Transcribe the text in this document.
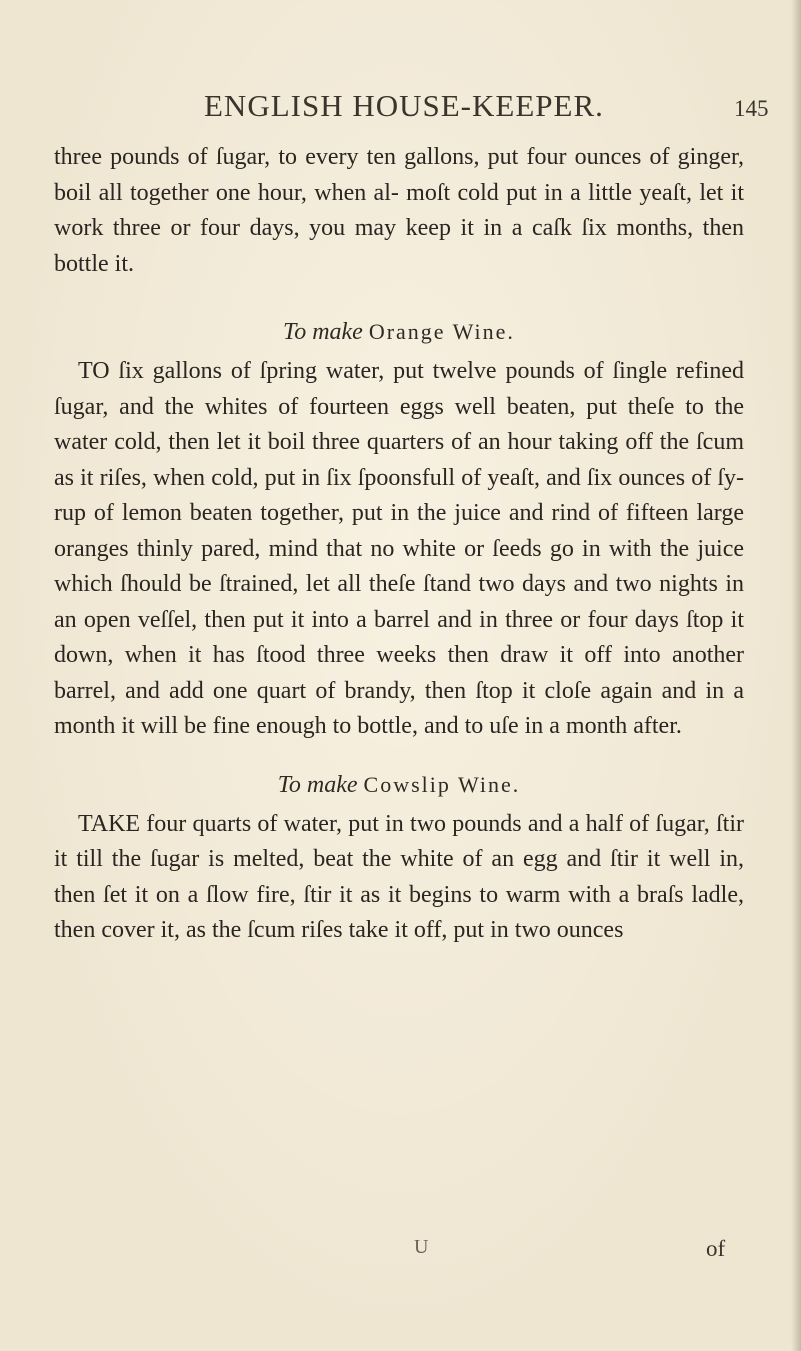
ENGLISH HOUSE-KEEPER.	145

three pounds of ſugar, to every ten gallons, put four ounces of ginger, boil all together one hour, when al- moſt cold put in a little yeaſt, let it work three or four days, you may keep it in a caſk ſix months, then bottle it.

To make Orange Wine.

TO ſix gallons of ſpring water, put twelve pounds of ſingle refined ſugar, and the whites of fourteen eggs well beaten, put theſe to the water cold, then let it boil three quarters of an hour taking off the ſcum as it riſes, when cold, put in ſix ſpoonsfull of yeaſt, and ſix ounces of ſy- rup of lemon beaten together, put in the juice and rind of fifteen large oranges thinly pared, mind that no white or ſeeds go in with the juice which ſhould be ſtrained, let all theſe ſtand two days and two nights in an open veſſel, then put it into a barrel and in three or four days ſtop it down, when it has ſtood three weeks then draw it off into another barrel, and add one quart of brandy, then ſtop it cloſe again and in a month it will be fine enough to bottle, and to uſe in a month after.

To make Cowslip Wine.

TAKE four quarts of water, put in two pounds and a half of ſugar, ſtir it till the ſugar is melted, beat the white of an egg and ſtir it well in, then ſet it on a ſlow fire, ſtir it as it begins to warm with a braſs ladle, then cover it, as the ſcum riſes take it off, put in two ounces

U	of
